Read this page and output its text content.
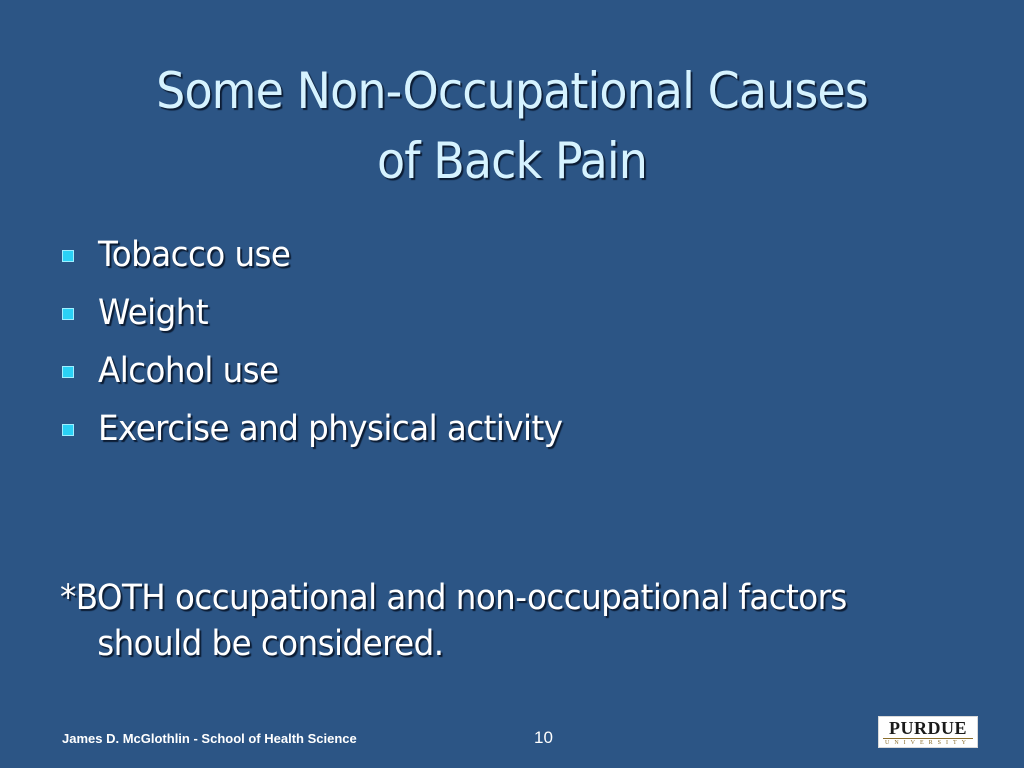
Some Non-Occupational Causes
of Back Pain
Tobacco use
Weight
Alcohol use
Exercise and physical activity
*BOTH occupational and non-occupational factors
should be considered.
James D. McGlothlin - School of Health Science	10	PURDUE
UNIVERSITY
